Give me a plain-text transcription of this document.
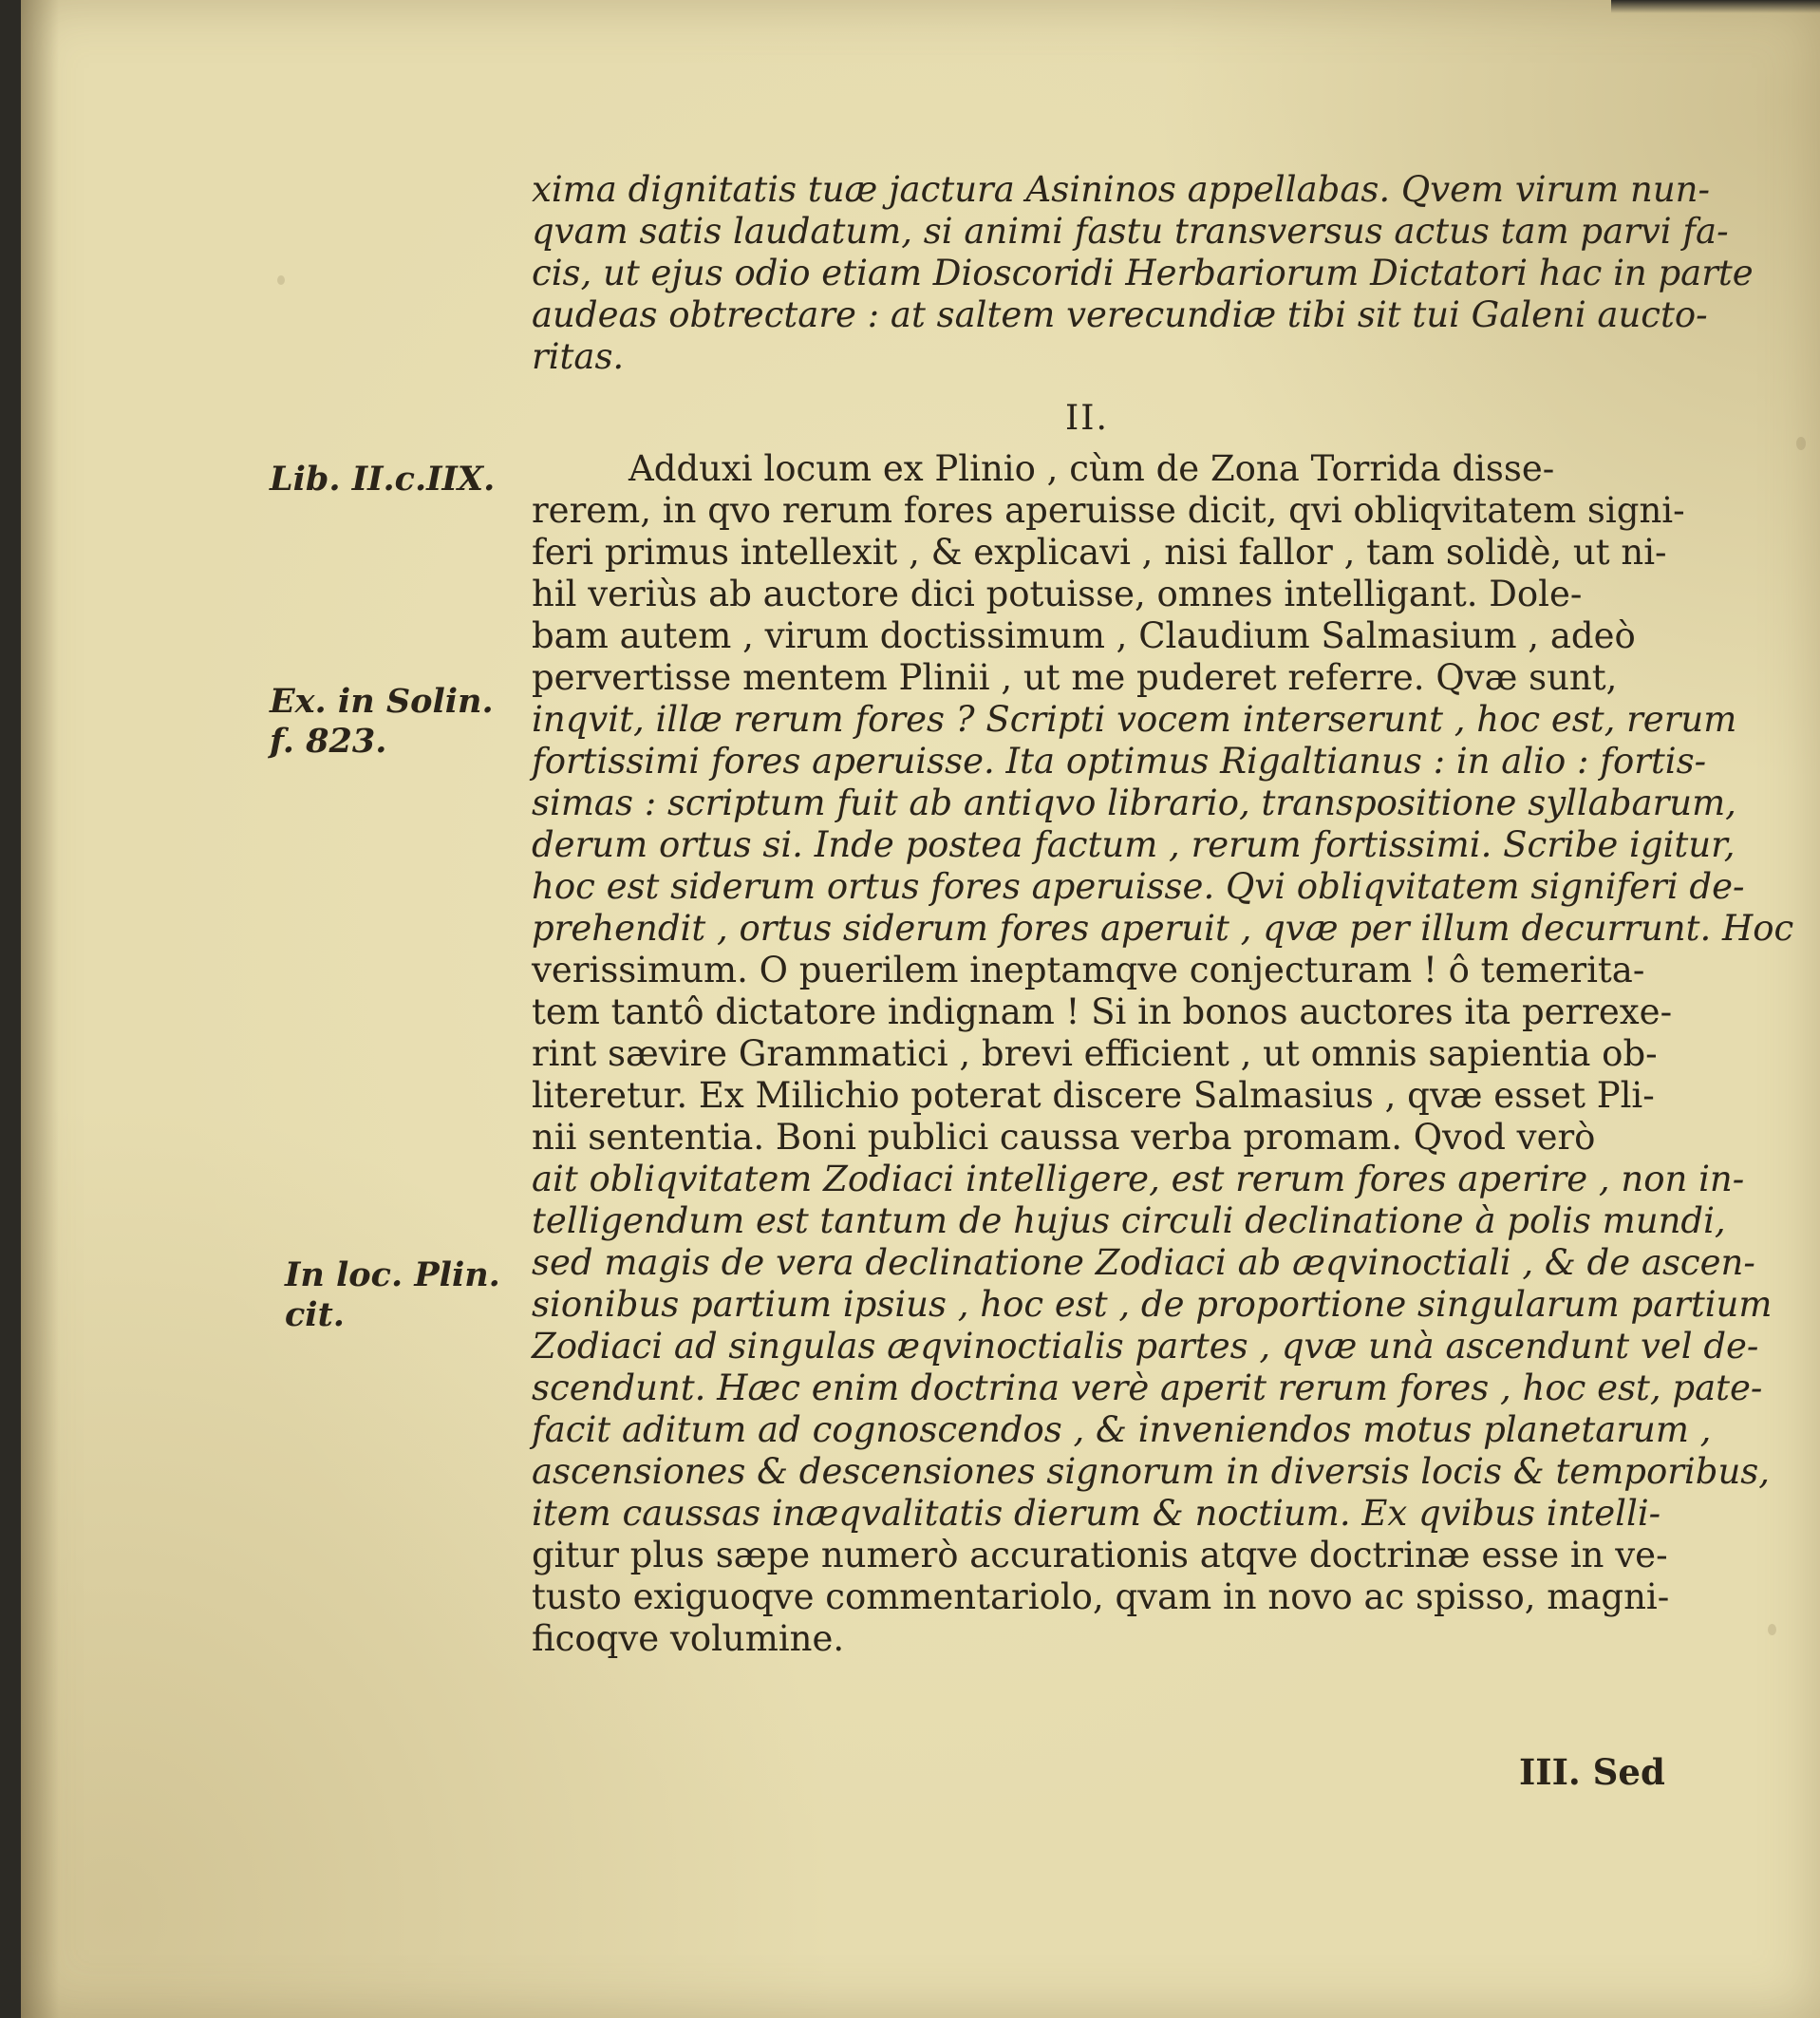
xima dignitatis tuæ jactura Asininos appellabas. Qvem virum nun-
qvam satis laudatum, si animi fastu transversus actus tam parvi fa-
cis, ut ejus odio etiam Dioscoridi Herbariorum Dictatori hac in parte
audeas obtrectare : at saltem verecundiæ tibi sit tui Galeni aucto-
ritas.
II.
Adduxi locum ex Plinio , cùm de Zona Torrida disse-
rerem, in qvo rerum fores aperuisse dicit, qvi obliqvitatem signi-
feri primus intellexit , & explicavi , nisi fallor , tam solidè, ut ni-
hil veriùs ab auctore dici potuisse, omnes intelligant. Dole-
bam autem , virum doctissimum , Claudium Salmasium , adeò
pervertisse mentem Plinii , ut me puderet referre. Qvæ sunt,
inqvit, illæ rerum fores ? Scripti vocem interserunt , hoc est, rerum
fortissimi fores aperuisse. Ita optimus Rigaltianus : in alio : fortis-
simas : scriptum fuit ab antiqvo librario, transpositione syllabarum,
derum ortus si. Inde postea factum , rerum fortissimi. Scribe igitur,
hoc est siderum ortus fores aperuisse. Qvi obliqvitatem signiferi de-
prehendit , ortus siderum fores aperuit , qvæ per illum decurrunt. Hoc
verissimum. O puerilem ineptamqve conjecturam ! ô temerita-
tem tantô dictatore indignam ! Si in bonos auctores ita perrexe-
rint sævire Grammatici , brevi efficient , ut omnis sapientia ob-
literetur. Ex Milichio poterat discere Salmasius , qvæ esset Pli-
nii sententia. Boni publici caussa verba promam. Qvod verò
ait obliqvitatem Zodiaci intelligere, est rerum fores aperire , non in-
telligendum est tantum de hujus circuli declinatione à polis mundi,
sed magis de vera declinatione Zodiaci ab æqvinoctiali , & de ascen-
sionibus partium ipsius , hoc est , de proportione singularum partium
Zodiaci ad singulas æqvinoctialis partes , qvæ unà ascendunt vel de-
scendunt. Hæc enim doctrina verè aperit rerum fores , hoc est, pate-
facit aditum ad cognoscendos , & inveniendos motus planetarum ,
ascensiones & descensiones signorum in diversis locis & temporibus,
item caussas inæqvalitatis dierum & noctium. Ex qvibus intelli-
gitur plus sæpe numerò accurationis atqve doctrinæ esse in ve-
tusto exiguoqve commentariolo, qvam in novo ac spisso, magni-
ficoqve volumine.
Lib. II.c.IIX.
Ex. in Solin.
f. 823.
In loc. Plin.
cit.
III. Sed
